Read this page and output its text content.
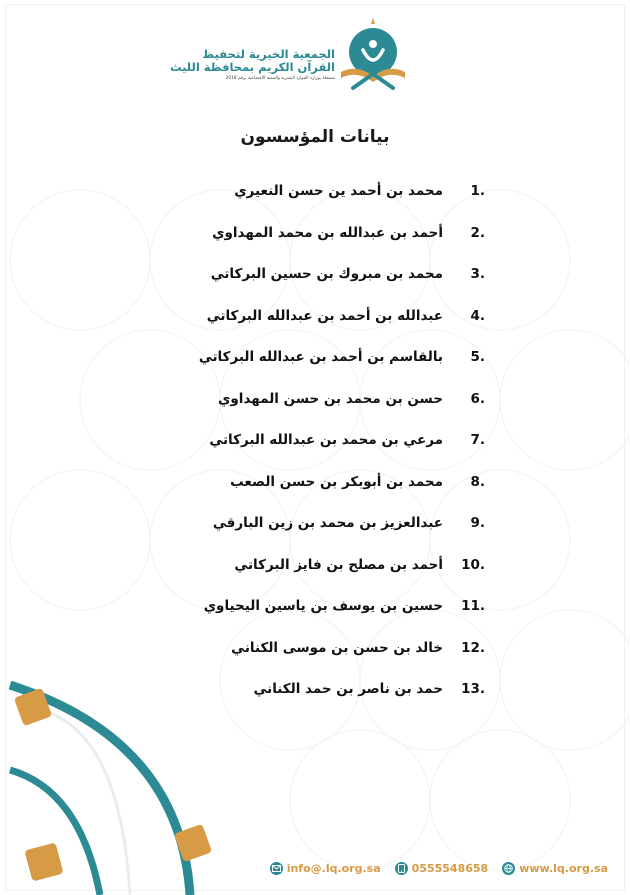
الجمعية الخيرية لتحفيظ
القرآن الكريم بمحافظة الليث
مسجلة بوزارة الموارد البشرية والتنمية الاجتماعية برقم 2018
بيانات المؤسسون
.1
محمد بن أحمد ين حسن النعيري
.2
أحمد بن عبدالله بن محمد المهداوي
.3
محمد بن مبروك بن حسين البركاتي
.4
عبدالله بن أحمد بن عبدالله البركاتي
.5
بالقاسم بن أحمد بن عبدالله البركاتي
.6
حسن بن محمد بن حسن المهداوي
.7
مرعي بن محمد بن عبدالله البركاتي
.8
محمد بن أبوبكر بن حسن الصعب
.9
عبدالعزيز بن محمد بن زين البارقي
.10
أحمد بن مصلح بن فايز البركاتي
.11
حسين بن يوسف بن ياسين اليحياوي
.12
خالد بن حسن بن موسى الكناني
.13
حمد بن ناصر بن حمد الكناني
info@.lq.org.sa	0555548658	www.lq.org.sa
